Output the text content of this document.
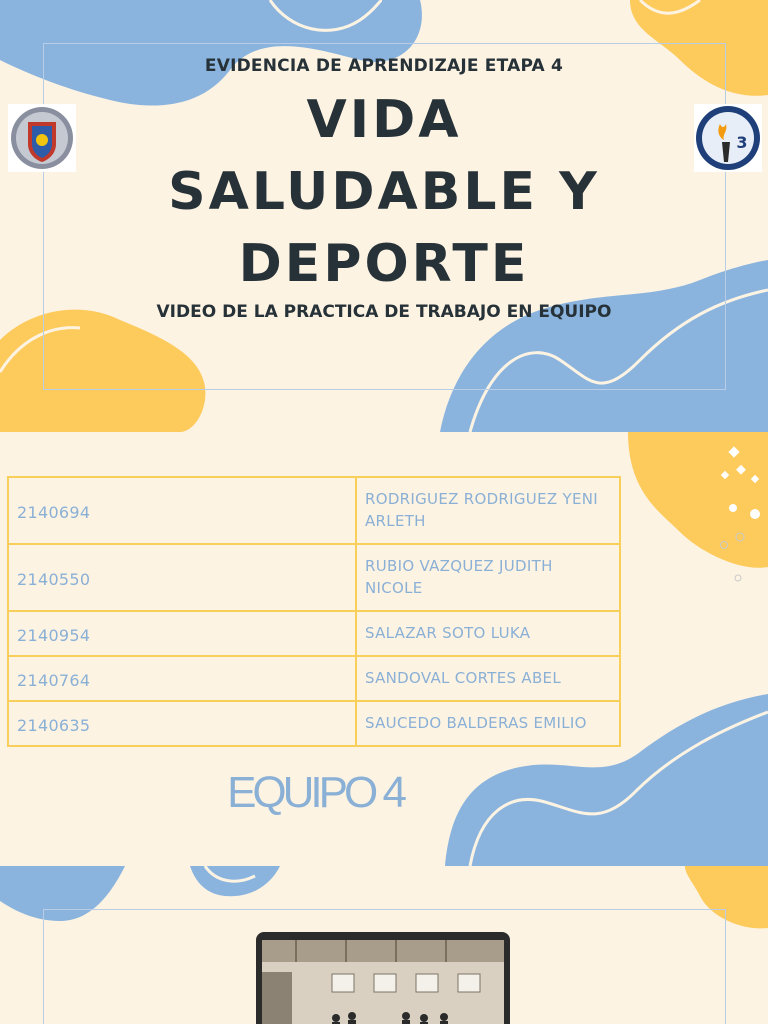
3
EVIDENCIA DE APRENDIZAJE ETAPA 4
VIDA
SALUDABLE Y
DEPORTE
VIDEO DE LA PRACTICA DE TRABAJO EN EQUIPO
2140694	RODRIGUEZ RODRIGUEZ YENI ARLETH
2140550	RUBIO VAZQUEZ JUDITH NICOLE
2140954	SALAZAR SOTO LUKA
2140764	SANDOVAL CORTES ABEL
2140635	SAUCEDO BALDERAS EMILIO
EQUIPO 4
